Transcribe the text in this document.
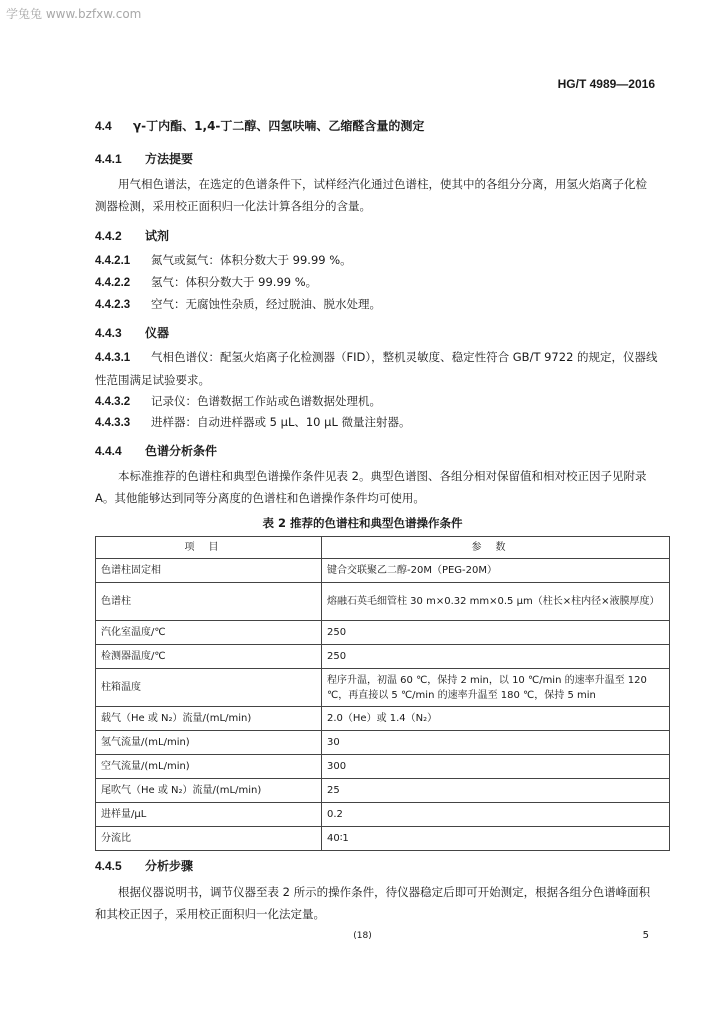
学兔兔 www.bzfxw.com
HG/T 4989—2016
4.4 γ-丁内酯、1,4-丁二醇、四氢呋喃、乙缩醛含量的测定
4.4.1 方法提要
用气相色谱法，在选定的色谱条件下，试样经汽化通过色谱柱，使其中的各组分分离，用氢火焰离子化检测器检测，采用校正面积归一化法计算各组分的含量。
4.4.2 试剂
4.4.2.1 氮气或氦气：体积分数大于 99.99 %。
4.4.2.2 氢气：体积分数大于 99.99 %。
4.4.2.3 空气：无腐蚀性杂质，经过脱油、脱水处理。
4.4.3 仪器
4.4.3.1 气相色谱仪：配氢火焰离子化检测器（FID），整机灵敏度、稳定性符合 GB/T 9722 的规定，仪器线性范围满足试验要求。
4.4.3.2 记录仪：色谱数据工作站或色谱数据处理机。
4.4.3.3 进样器：自动进样器或 5 μL、10 μL 微量注射器。
4.4.4 色谱分析条件
本标准推荐的色谱柱和典型色谱操作条件见表 2。典型色谱图、各组分相对保留值和相对校正因子见附录 A。其他能够达到同等分离度的色谱柱和色谱操作条件均可使用。
表 2 推荐的色谱柱和典型色谱操作条件
项目	参数
色谱柱固定相	键合交联聚乙二醇-20M（PEG-20M）
色谱柱	熔融石英毛细管柱 30 m×0.32 mm×0.5 μm（柱长×柱内径×液膜厚度）
汽化室温度/℃	250
检测器温度/℃	250
柱箱温度	程序升温，初温 60 ℃，保持 2 min，以 10 ℃/min 的速率升温至 120 ℃，再直接以 5 ℃/min 的速率升温至 180 ℃，保持 5 min
载气（He 或 N₂）流量/(mL/min)	2.0（He）或 1.4（N₂）
氢气流量/(mL/min)	30
空气流量/(mL/min)	300
尾吹气（He 或 N₂）流量/(mL/min)	25
进样量/μL	0.2
分流比	40∶1
4.4.5 分析步骤
根据仪器说明书，调节仪器至表 2 所示的操作条件，待仪器稳定后即可开始测定，根据各组分色谱峰面积和其校正因子，采用校正面积归一化法定量。
(18)	5
